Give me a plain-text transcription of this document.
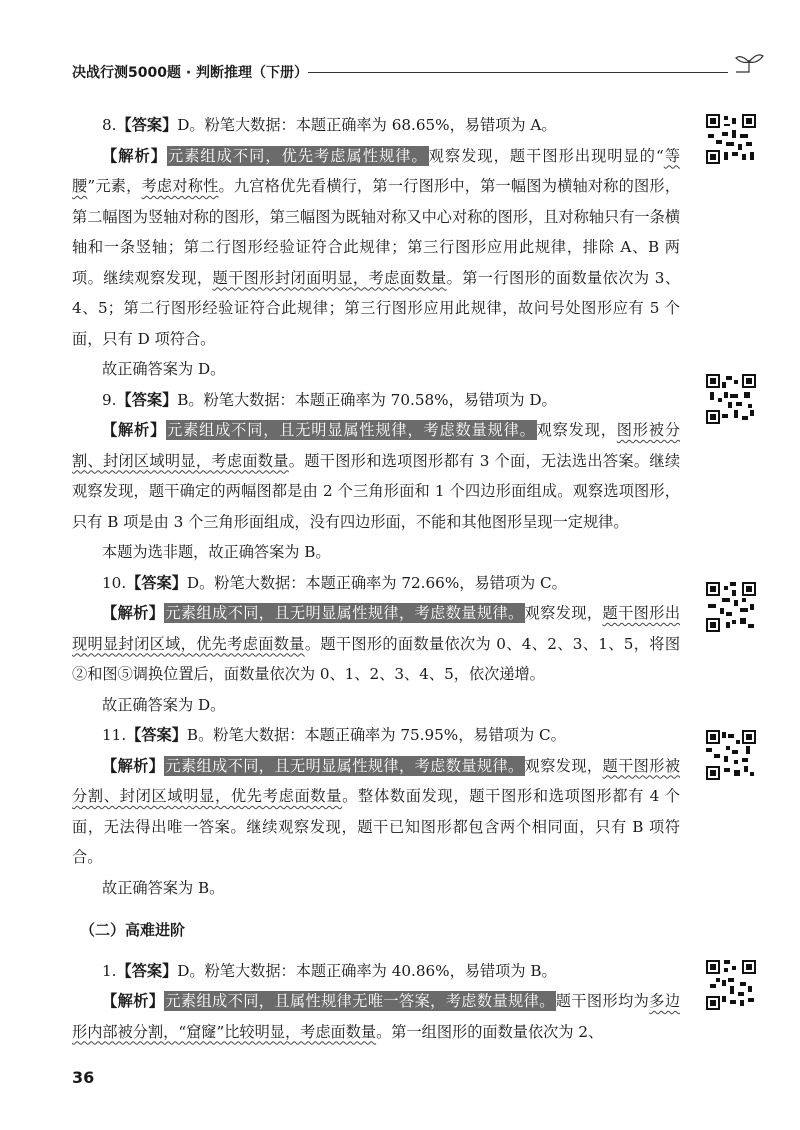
决战行测5000题 · 判断推理（下册）

8.【答案】D。粉笔大数据：本题正确率为 68.65%，易错项为 A。

【解析】元素组成不同，优先考虑属性规律。观察发现，题干图形出现明显的“等腰”元素，考虑对称性。九宫格优先看横行，第一行图形中，第一幅图为横轴对称的图形，第二幅图为竖轴对称的图形，第三幅图为既轴对称又中心对称的图形，且对称轴只有一条横轴和一条竖轴；第二行图形经验证符合此规律；第三行图形应用此规律，排除 A、B 两项。继续观察发现，题干图形封闭面明显，考虑面数量。第一行图形的面数量依次为 3、4、5；第二行图形经验证符合此规律；第三行图形应用此规律，故问号处图形应有 5 个面，只有 D 项符合。

故正确答案为 D。

9.【答案】B。粉笔大数据：本题正确率为 70.58%，易错项为 D。

【解析】元素组成不同，且无明显属性规律，考虑数量规律。观察发现，图形被分割、封闭区域明显，考虑面数量。题干图形和选项图形都有 3 个面，无法选出答案。继续观察发现，题干确定的两幅图都是由 2 个三角形面和 1 个四边形面组成。观察选项图形，只有 B 项是由 3 个三角形面组成，没有四边形面，不能和其他图形呈现一定规律。

本题为选非题，故正确答案为 B。

10.【答案】D。粉笔大数据：本题正确率为 72.66%，易错项为 C。

【解析】元素组成不同，且无明显属性规律，考虑数量规律。观察发现，题干图形出现明显封闭区域，优先考虑面数量。题干图形的面数量依次为 0、4、2、3、1、5，将图②和图⑤调换位置后，面数量依次为 0、1、2、3、4、5，依次递增。

故正确答案为 D。

11.【答案】B。粉笔大数据：本题正确率为 75.95%，易错项为 C。

【解析】元素组成不同，且无明显属性规律，考虑数量规律。观察发现，题干图形被分割、封闭区域明显，优先考虑面数量。整体数面发现，题干图形和选项图形都有 4 个面，无法得出唯一答案。继续观察发现，题干已知图形都包含两个相同面，只有 B 项符合。

故正确答案为 B。

（二）高难进阶

1.【答案】D。粉笔大数据：本题正确率为 40.86%，易错项为 B。

【解析】元素组成不同，且属性规律无唯一答案，考虑数量规律。题干图形均为多边形内部被分割，“窟窿”比较明显，考虑面数量。第一组图形的面数量依次为 2、

36
